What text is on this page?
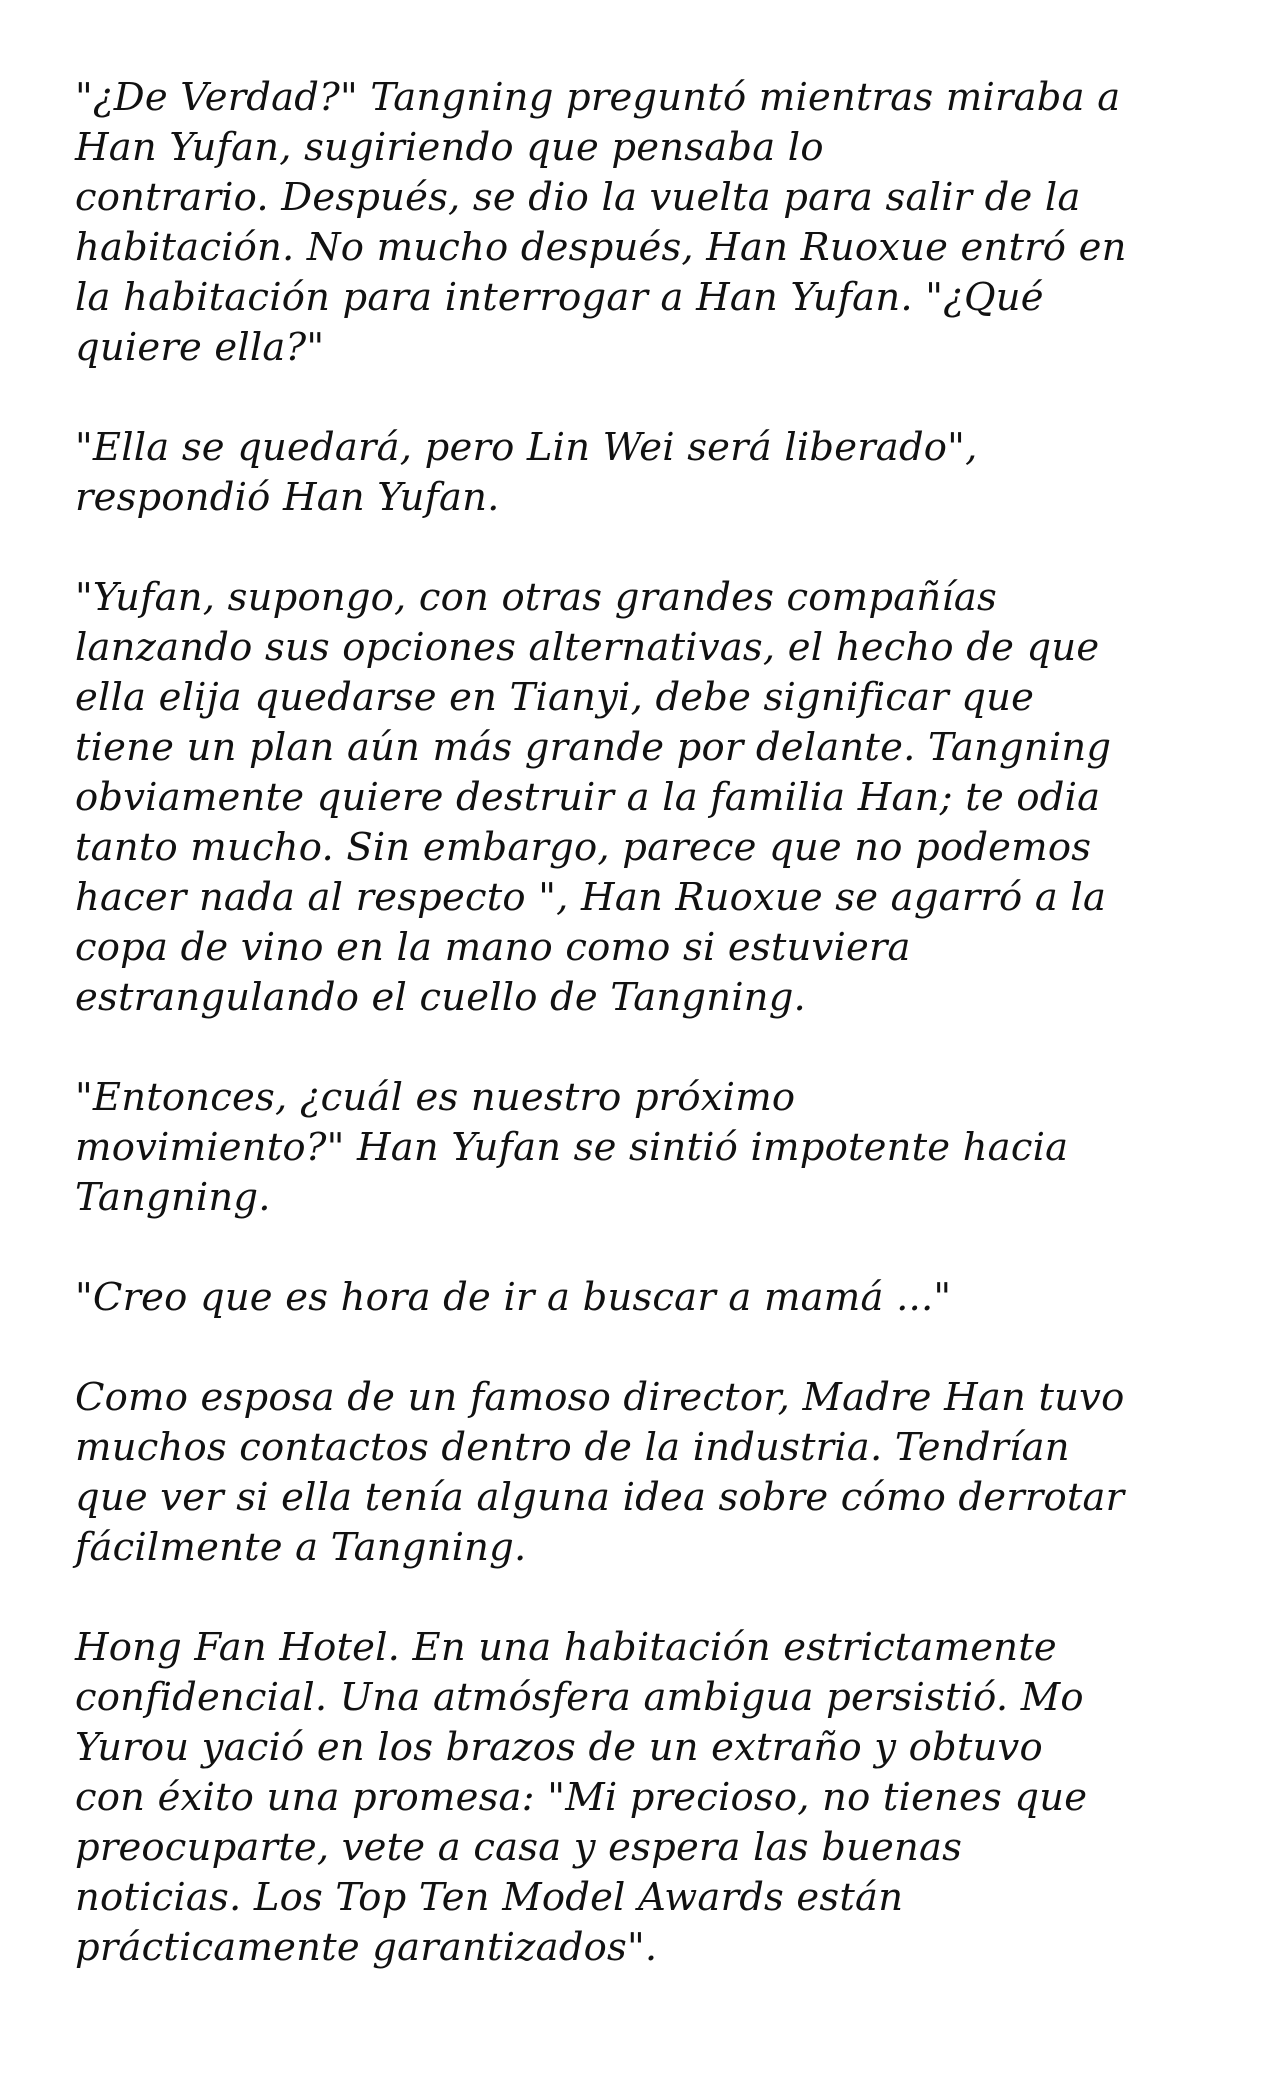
"¿De Verdad?" Tangning preguntó mientras miraba a
Han Yufan, sugiriendo que pensaba lo
contrario. Después, se dio la vuelta para salir de la
habitación. No mucho después, Han Ruoxue entró en
la habitación para interrogar a Han Yufan. "¿Qué
quiere ella?"

"Ella se quedará, pero Lin Wei será liberado",
respondió Han Yufan.

"Yufan, supongo, con otras grandes compañías
lanzando sus opciones alternativas, el hecho de que
ella elija quedarse en Tianyi, debe significar que
tiene un plan aún más grande por delante. Tangning
obviamente quiere destruir a la familia Han; te odia
tanto mucho. Sin embargo, parece que no podemos
hacer nada al respecto ", Han Ruoxue se agarró a la
copa de vino en la mano como si estuviera
estrangulando el cuello de Tangning.

"Entonces, ¿cuál es nuestro próximo
movimiento?" Han Yufan se sintió impotente hacia
Tangning.

"Creo que es hora de ir a buscar a mamá ..."

Como esposa de un famoso director, Madre Han tuvo
muchos contactos dentro de la industria. Tendrían
que ver si ella tenía alguna idea sobre cómo derrotar
fácilmente a Tangning.

Hong Fan Hotel. En una habitación estrictamente
confidencial. Una atmósfera ambigua persistió. Mo
Yurou yació en los brazos de un extraño y obtuvo
con éxito una promesa: "Mi precioso, no tienes que
preocuparte, vete a casa y espera las buenas
noticias. Los Top Ten Model Awards están
prácticamente garantizados".
